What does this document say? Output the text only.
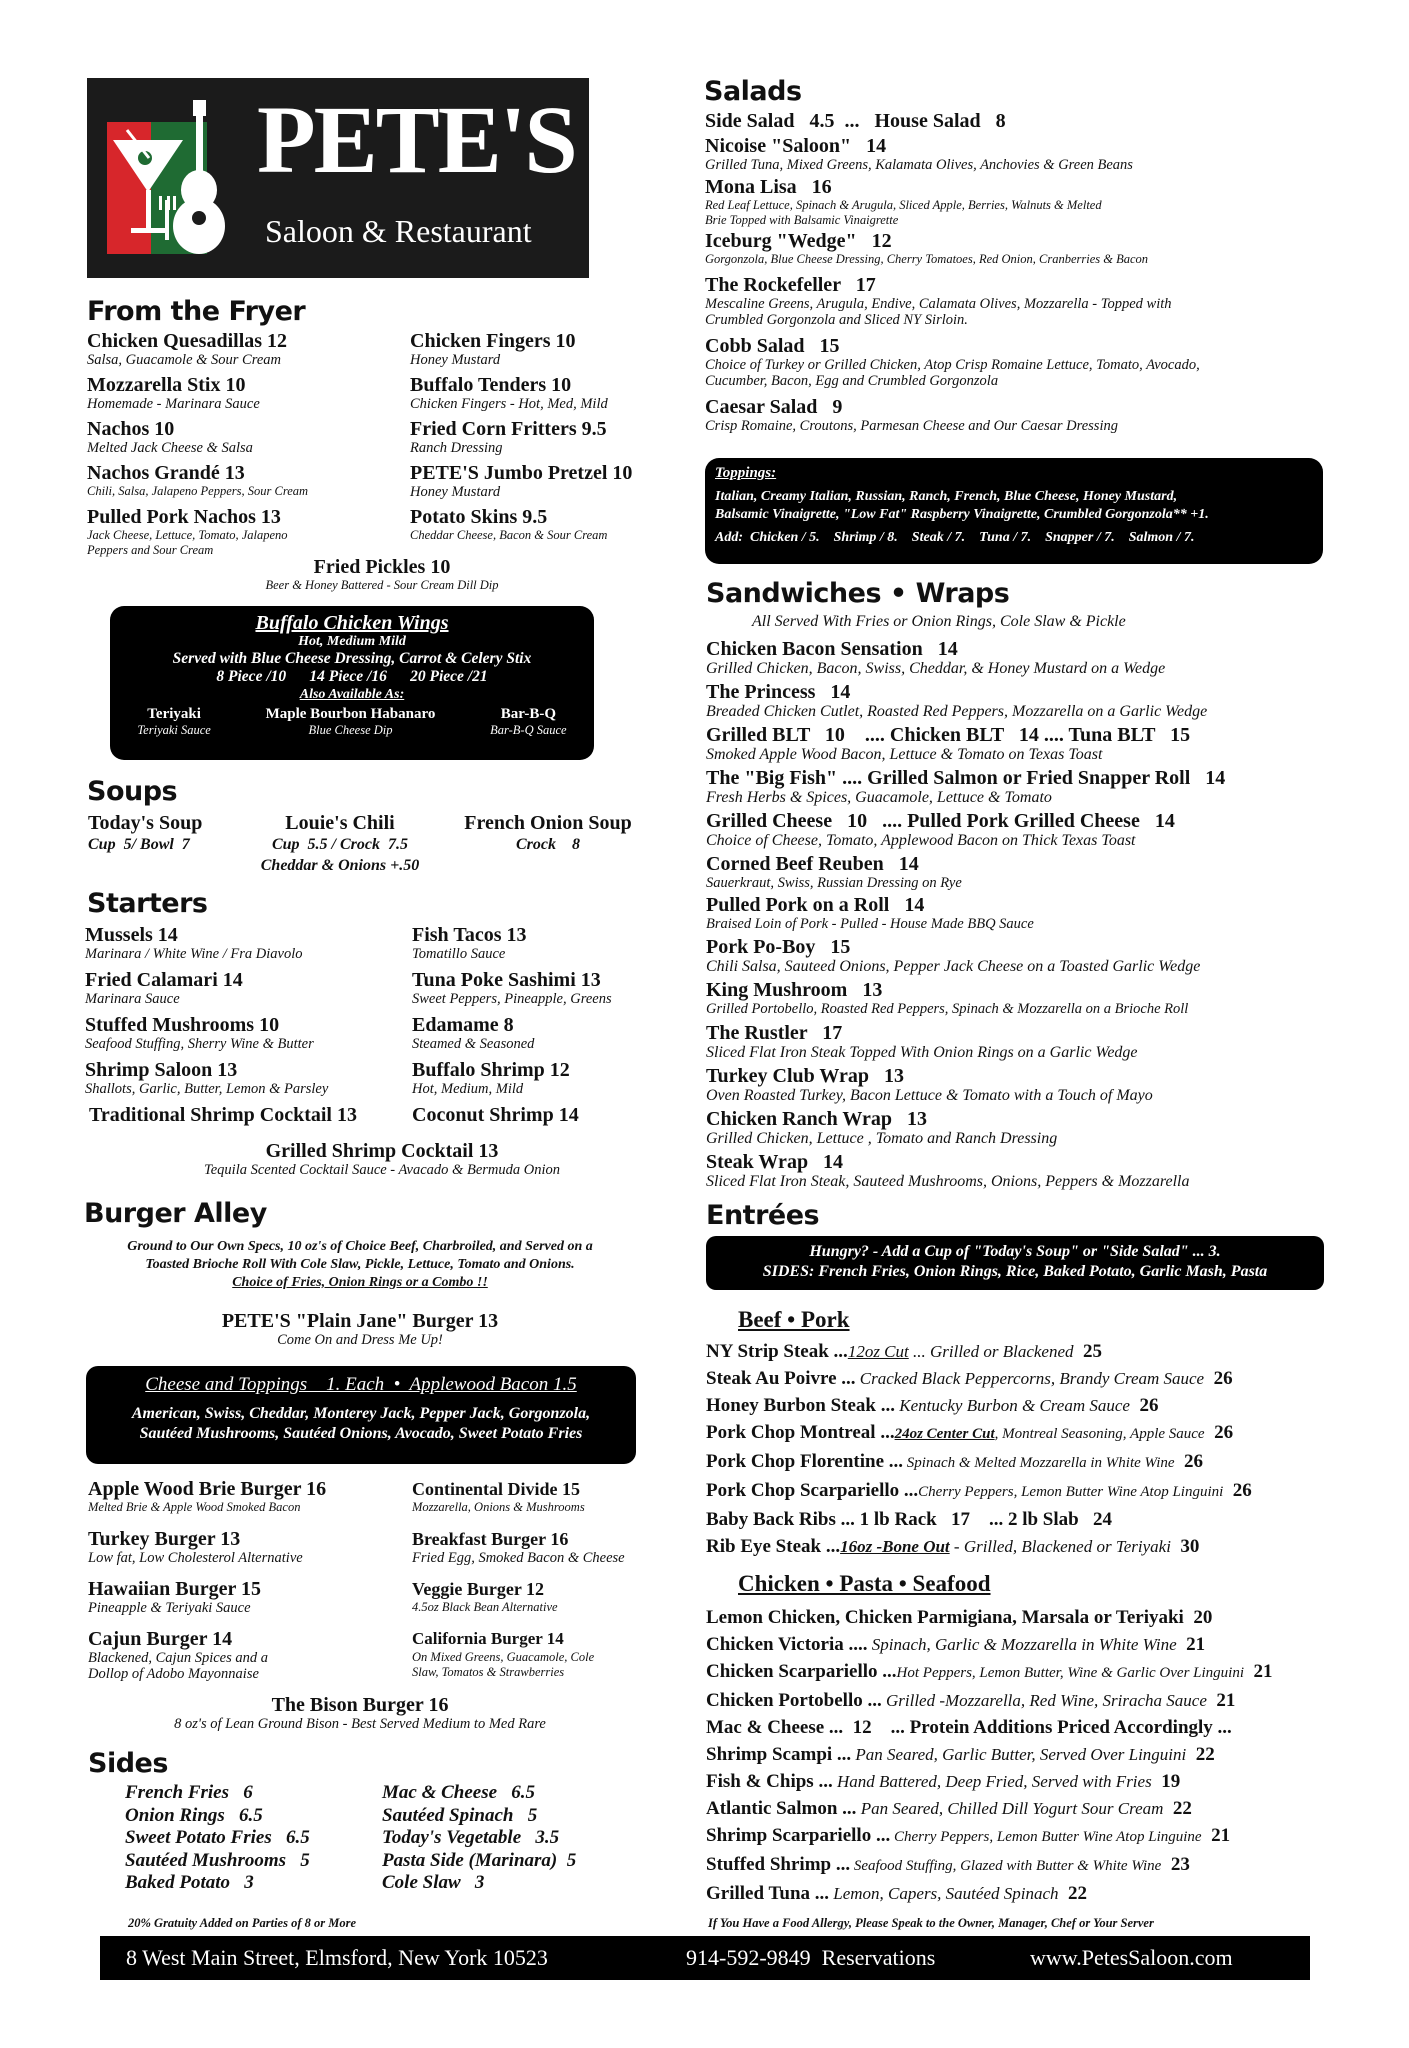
PETE'S
Saloon & Restaurant
From the Fryer
Chicken Quesadillas 12
Salsa, Guacamole & Sour Cream
Mozzarella Stix 10
Homemade - Marinara Sauce
Nachos 10
Melted Jack Cheese & Salsa
Nachos Grandé 13
Chili, Salsa, Jalapeno Peppers, Sour Cream
Pulled Pork Nachos 13
Jack Cheese, Lettuce, Tomato, Jalapeno
Peppers and Sour Cream
Chicken Fingers 10
Honey Mustard
Buffalo Tenders 10
Chicken Fingers - Hot, Med, Mild
Fried Corn Fritters 9.5
Ranch Dressing
PETE'S Jumbo Pretzel 10
Honey Mustard
Potato Skins 9.5
Cheddar Cheese, Bacon & Sour Cream
Fried Pickles 10
Beer & Honey Battered - Sour Cream Dill Dip
Buffalo Chicken Wings
Hot, Medium Mild
Served with Blue Cheese Dressing, Carrot & Celery Stix
8 Piece /10      14 Piece /16      20 Piece /21
Also Available As:
Teriyaki
Teriyaki Sauce
Maple Bourbon Habanaro
Blue Cheese Dip
Bar-B-Q
Bar-B-Q Sauce
Soups
Today's Soup
Cup  5/ Bowl  7
Louie's Chili
Cup  5.5 / Crock  7.5
Cheddar & Onions +.50
French Onion Soup
Crock    8
Starters
Mussels 14
Marinara / White Wine / Fra Diavolo
Fried Calamari 14
Marinara Sauce
Stuffed Mushrooms 10
Seafood Stuffing, Sherry Wine & Butter
Shrimp Saloon 13
Shallots, Garlic, Butter, Lemon & Parsley
Traditional Shrimp Cocktail 13
Fish Tacos 13
Tomatillo Sauce
Tuna Poke Sashimi 13
Sweet Peppers, Pineapple, Greens
Edamame 8
Steamed & Seasoned
Buffalo Shrimp 12
Hot, Medium, Mild
Coconut Shrimp 14
Grilled Shrimp Cocktail 13
Tequila Scented Cocktail Sauce - Avacado & Bermuda Onion
Burger Alley
Ground to Our Own Specs, 10 oz's of Choice Beef, Charbroiled, and Served on a
Toasted Brioche Roll With Cole Slaw, Pickle, Lettuce, Tomato and Onions.
Choice of Fries, Onion Rings or a Combo !!
PETE'S "Plain Jane" Burger 13
Come On and Dress Me Up!
Cheese and Toppings    1. Each  •  Applewood Bacon 1.5
American, Swiss, Cheddar, Monterey Jack, Pepper Jack, Gorgonzola,
Sautéed Mushrooms, Sautéed Onions, Avocado, Sweet Potato Fries
Apple Wood Brie Burger 16
Melted Brie & Apple Wood Smoked Bacon
Turkey Burger 13
Low fat, Low Cholesterol Alternative
Hawaiian Burger 15
Pineapple & Teriyaki Sauce
Cajun Burger 14
Blackened, Cajun Spices and a
Dollop of Adobo Mayonnaise
Continental Divide 15
Mozzarella, Onions & Mushrooms
Breakfast Burger 16
Fried Egg, Smoked Bacon & Cheese
Veggie Burger 12
4.5oz Black Bean Alternative
California Burger 14
On Mixed Greens, Guacamole, Cole
Slaw, Tomatos & Strawberries
The Bison Burger 16
8 oz's of Lean Ground Bison - Best Served Medium to Med Rare
Sides
French Fries   6
Onion Rings   6.5
Sweet Potato Fries   6.5
Sautéed Mushrooms   5
Baked Potato   3
Mac & Cheese   6.5
Sautéed Spinach   5
Today's Vegetable   3.5
Pasta Side (Marinara)  5
Cole Slaw   3
Salads
Side Salad   4.5  ...   House Salad   8
Nicoise "Saloon"   14
Grilled Tuna, Mixed Greens, Kalamata Olives, Anchovies & Green Beans
Mona Lisa   16
Red Leaf Lettuce, Spinach & Arugula, Sliced Apple, Berries, Walnuts & Melted
Brie Topped with Balsamic Vinaigrette
Iceburg "Wedge"   12
Gorgonzola, Blue Cheese Dressing, Cherry Tomatoes, Red Onion, Cranberries & Bacon
The Rockefeller   17
Mescaline Greens, Arugula, Endive, Calamata Olives, Mozzarella - Topped with
Crumbled Gorgonzola and Sliced NY Sirloin.
Cobb Salad   15
Choice of Turkey or Grilled Chicken, Atop Crisp Romaine Lettuce, Tomato, Avocado,
Cucumber, Bacon, Egg and Crumbled Gorgonzola
Caesar Salad   9
Crisp Romaine, Croutons, Parmesan Cheese and Our Caesar Dressing
Toppings:
Italian, Creamy Italian, Russian, Ranch, French, Blue Cheese, Honey Mustard,
Balsamic Vinaigrette, "Low Fat" Raspberry Vinaigrette, Crumbled Gorgonzola** +1.
Add:  Chicken / 5.    Shrimp / 8.    Steak / 7.    Tuna / 7.    Snapper / 7.    Salmon / 7.
Sandwiches • Wraps
All Served With Fries or Onion Rings, Cole Slaw & Pickle
Chicken Bacon Sensation   14
Grilled Chicken, Bacon, Swiss, Cheddar, & Honey Mustard on a Wedge
The Princess   14
Breaded Chicken Cutlet, Roasted Red Peppers, Mozzarella on a Garlic Wedge
Grilled BLT   10    .... Chicken BLT   14 .... Tuna BLT   15
Smoked Apple Wood Bacon, Lettuce & Tomato on Texas Toast
The "Big Fish" .... Grilled Salmon or Fried Snapper Roll   14
Fresh Herbs & Spices, Guacamole, Lettuce & Tomato
Grilled Cheese   10   .... Pulled Pork Grilled Cheese   14
Choice of Cheese, Tomato, Applewood Bacon on Thick Texas Toast
Corned Beef Reuben   14
Sauerkraut, Swiss, Russian Dressing on Rye
Pulled Pork on a Roll   14
Braised Loin of Pork - Pulled - House Made BBQ Sauce
Pork Po-Boy   15
Chili Salsa, Sauteed Onions, Pepper Jack Cheese on a Toasted Garlic Wedge
King Mushroom   13
Grilled Portobello, Roasted Red Peppers, Spinach & Mozzarella on a Brioche Roll
The Rustler   17
Sliced Flat Iron Steak Topped With Onion Rings on a Garlic Wedge
Turkey Club Wrap   13
Oven Roasted Turkey, Bacon Lettuce & Tomato with a Touch of Mayo
Chicken Ranch Wrap   13
Grilled Chicken, Lettuce , Tomato and Ranch Dressing
Steak Wrap   14
Sliced Flat Iron Steak, Sauteed Mushrooms, Onions, Peppers & Mozzarella
Entrées
Hungry? - Add a Cup of "Today's Soup" or "Side Salad" ... 3.
SIDES: French Fries, Onion Rings, Rice, Baked Potato, Garlic Mash, Pasta
Beef • Pork
NY Strip Steak ...12oz Cut ... Grilled or Blackened 25
Steak Au Poivre ... Cracked Black Peppercorns, Brandy Cream Sauce 26
Honey Burbon Steak ... Kentucky Burbon & Cream Sauce 26
Pork Chop Montreal ...24oz Center Cut, Montreal Seasoning, Apple Sauce 26
Pork Chop Florentine ... Spinach & Melted Mozzarella in White Wine 26
Pork Chop Scarpariello ...Cherry Peppers, Lemon Butter Wine Atop Linguini 26
Baby Back Ribs ... 1 lb Rack   17    ... 2 lb Slab   24
Rib Eye Steak ...16oz -Bone Out - Grilled, Blackened or Teriyaki 30
Chicken • Pasta • Seafood
Lemon Chicken, Chicken Parmigiana, Marsala or Teriyaki 20
Chicken Victoria .... Spinach, Garlic & Mozzarella in White Wine 21
Chicken Scarpariello ...Hot Peppers, Lemon Butter, Wine & Garlic Over Linguini 21
Chicken Portobello ... Grilled -Mozzarella, Red Wine, Sriracha Sauce 21
Mac & Cheese ...  12    ... Protein Additions Priced Accordingly ...
Shrimp Scampi ... Pan Seared, Garlic Butter, Served Over Linguini 22
Fish & Chips ... Hand Battered, Deep Fried, Served with Fries 19
Atlantic Salmon ... Pan Seared, Chilled Dill Yogurt Sour Cream 22
Shrimp Scarpariello ... Cherry Peppers, Lemon Butter Wine Atop Linguine 21
Stuffed Shrimp ... Seafood Stuffing, Glazed with Butter & White Wine 23
Grilled Tuna ... Lemon, Capers, Sautéed Spinach 22
20% Gratuity Added on Parties of 8 or More	If You Have a Food Allergy, Please Speak to the Owner, Manager, Chef or Your Server
8 West Main Street, Elmsford, New York 10523	914-592-9849  Reservations	www.PetesSaloon.com
